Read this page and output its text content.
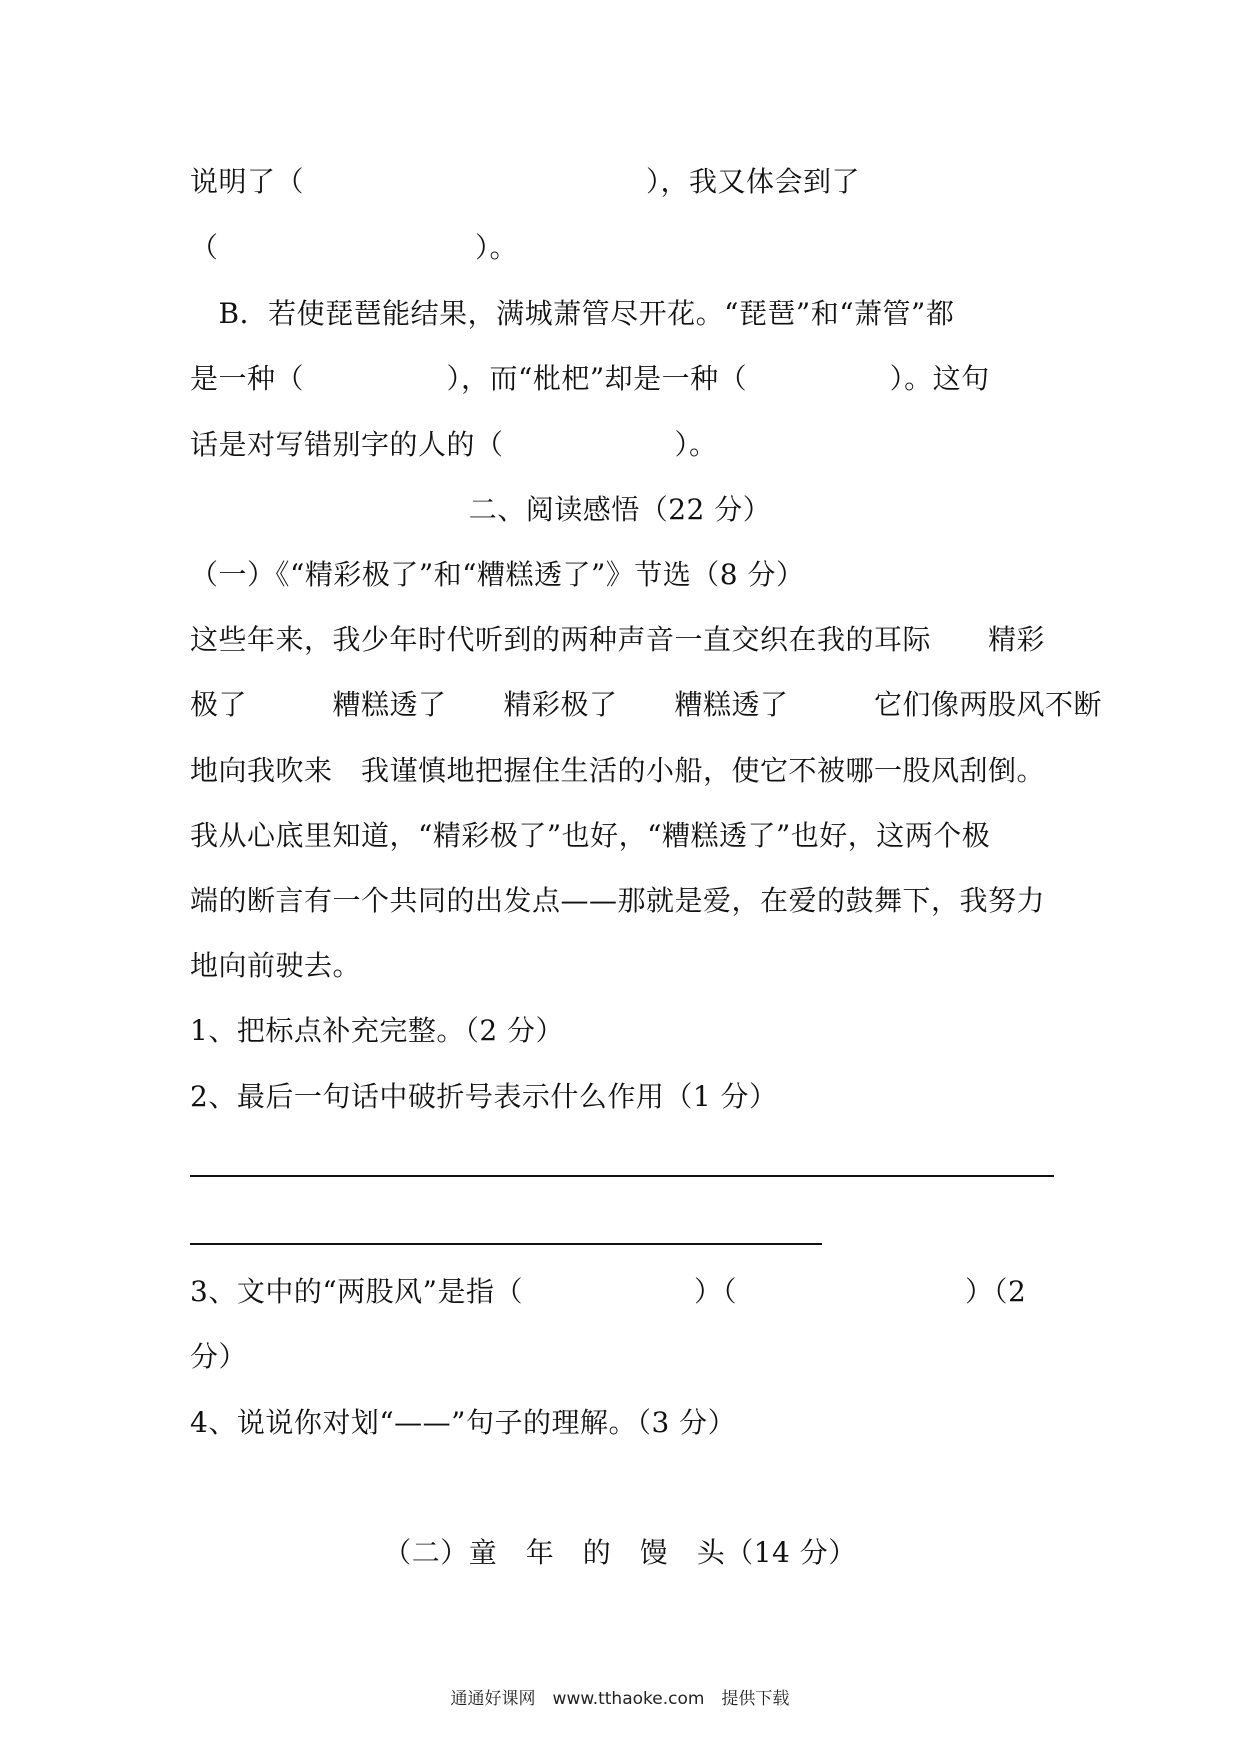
说明了（　　　　　　　　　　　　），我又体会到了
（　　　　　　　　　）。
　B．若使琵琶能结果，满城萧管尽开花。“琵琶”和“萧管”都
是一种（　　　　　），而“枇杷”却是一种（　　　　　）。这句
话是对写错别字的人的（　　　　　　）。
二、阅读感悟（22 分）
（一）《“精彩极了”和“糟糕透了”》节选（8 分）
这些年来，我少年时代听到的两种声音一直交织在我的耳际　　精彩
极了　　　糟糕透了　　精彩极了　　糟糕透了　　　它们像两股风不断
地向我吹来　我谨慎地把握住生活的小船，使它不被哪一股风刮倒。
我从心底里知道，“精彩极了”也好，“糟糕透了”也好，这两个极
端的断言有一个共同的出发点——那就是爱，在爱的鼓舞下，我努力
地向前驶去。
1、把标点补充完整。（2 分）
2、最后一句话中破折号表示什么作用（1 分）
3、文中的“两股风”是指（　　　　　　）（　　　　　　　　）（2
分）
4、说说你对划“——”句子的理解。（3 分）
（二）童　年　的　馒　头（14 分）
通通好课网　www.tthaoke.com　提供下载
